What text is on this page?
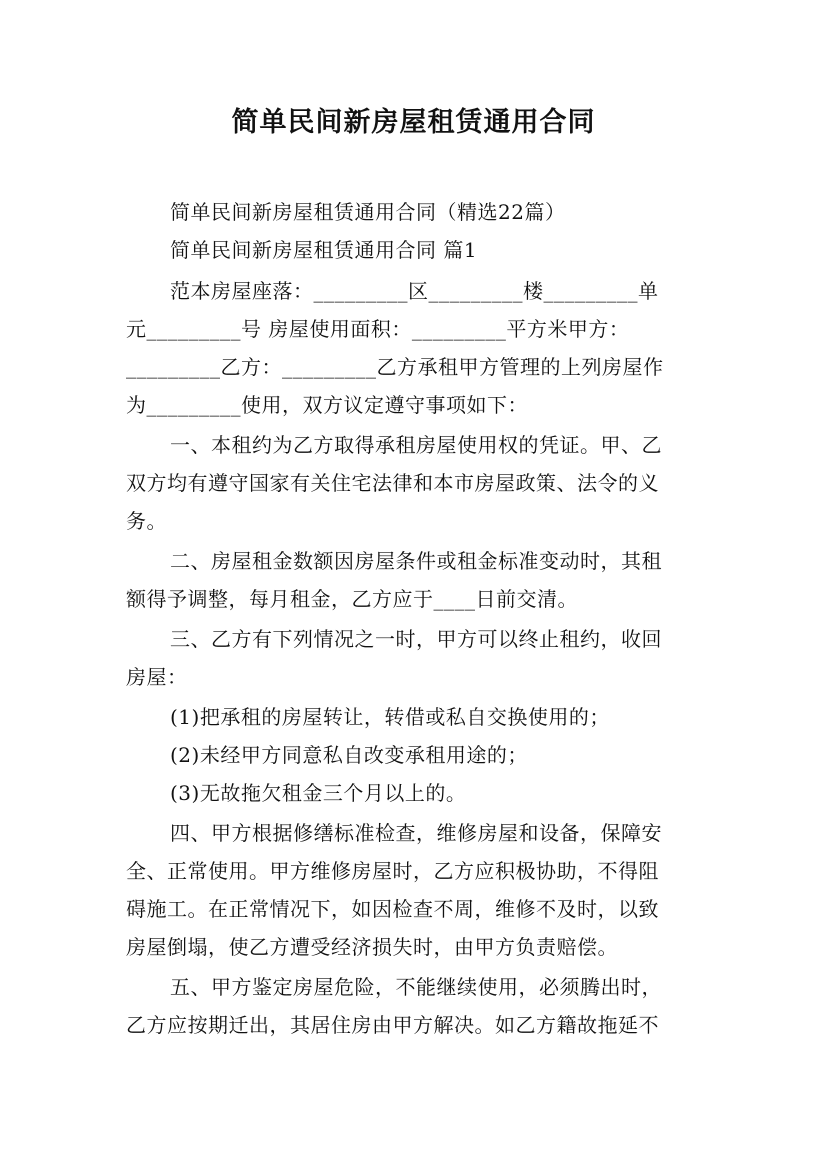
简单民间新房屋租赁通用合同
简单民间新房屋租赁通用合同（精选22篇）
简单民间新房屋租赁通用合同 篇1
范本房屋座落：_________区_________楼_________单
元_________号 房屋使用面积：_________平方米甲方：
_________乙方：_________乙方承租甲方管理的上列房屋作
为_________使用，双方议定遵守事项如下：
一、本租约为乙方取得承租房屋使用权的凭证。甲、乙
双方均有遵守国家有关住宅法律和本市房屋政策、法令的义
务。
二、房屋租金数额因房屋条件或租金标准变动时，其租
额得予调整，每月租金，乙方应于____日前交清。
三、乙方有下列情况之一时，甲方可以终止租约，收回
房屋：
(1)把承租的房屋转让，转借或私自交换使用的；
(2)未经甲方同意私自改变承租用途的；
(3)无故拖欠租金三个月以上的。
四、甲方根据修缮标准检查，维修房屋和设备，保障安
全、正常使用。甲方维修房屋时，乙方应积极协助，不得阻
碍施工。在正常情况下，如因检查不周，维修不及时，以致
房屋倒塌，使乙方遭受经济损失时，由甲方负责赔偿。
五、甲方鉴定房屋危险，不能继续使用，必须腾出时，
乙方应按期迁出，其居住房由甲方解决。如乙方籍故拖延不
